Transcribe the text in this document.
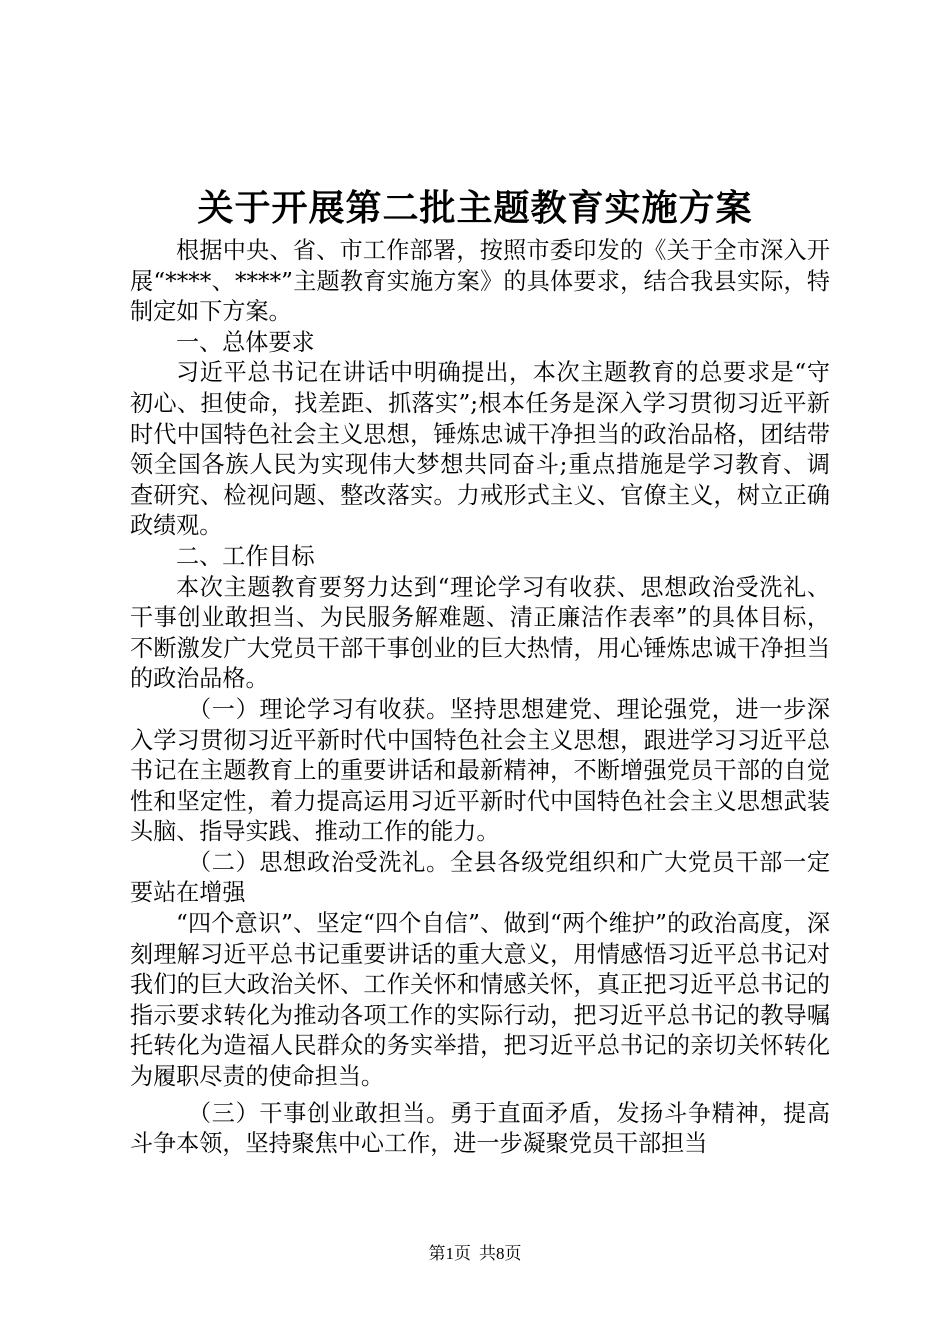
关于开展第二批主题教育实施方案

根据中央、省、市工作部署，按照市委印发的《关于全市深入开展“****、****”主题教育实施方案》的具体要求，结合我县实际，特制定如下方案。

一、总体要求

习近平总书记在讲话中明确提出，本次主题教育的总要求是“守初心、担使命，找差距、抓落实”;根本任务是深入学习贯彻习近平新时代中国特色社会主义思想，锤炼忠诚干净担当的政治品格，团结带领全国各族人民为实现伟大梦想共同奋斗;重点措施是学习教育、调查研究、检视问题、整改落实。力戒形式主义、官僚主义，树立正确政绩观。

二、工作目标

本次主题教育要努力达到“理论学习有收获、思想政治受洗礼、干事创业敢担当、为民服务解难题、清正廉洁作表率”的具体目标，不断激发广大党员干部干事创业的巨大热情，用心锤炼忠诚干净担当的政治品格。

（一）理论学习有收获。坚持思想建党、理论强党，进一步深入学习贯彻习近平新时代中国特色社会主义思想，跟进学习习近平总书记在主题教育上的重要讲话和最新精神，不断增强党员干部的自觉性和坚定性，着力提高运用习近平新时代中国特色社会主义思想武装头脑、指导实践、推动工作的能力。

（二）思想政治受洗礼。全县各级党组织和广大党员干部一定要站在增强

“四个意识”、坚定“四个自信”、做到“两个维护”的政治高度，深刻理解习近平总书记重要讲话的重大意义，用情感悟习近平总书记对我们的巨大政治关怀、工作关怀和情感关怀，真正把习近平总书记的指示要求转化为推动各项工作的实际行动，把习近平总书记的教导嘱托转化为造福人民群众的务实举措，把习近平总书记的亲切关怀转化为履职尽责的使命担当。

（三）干事创业敢担当。勇于直面矛盾，发扬斗争精神，提高斗争本领，坚持聚焦中心工作，进一步凝聚党员干部担当

第1页 共8页
